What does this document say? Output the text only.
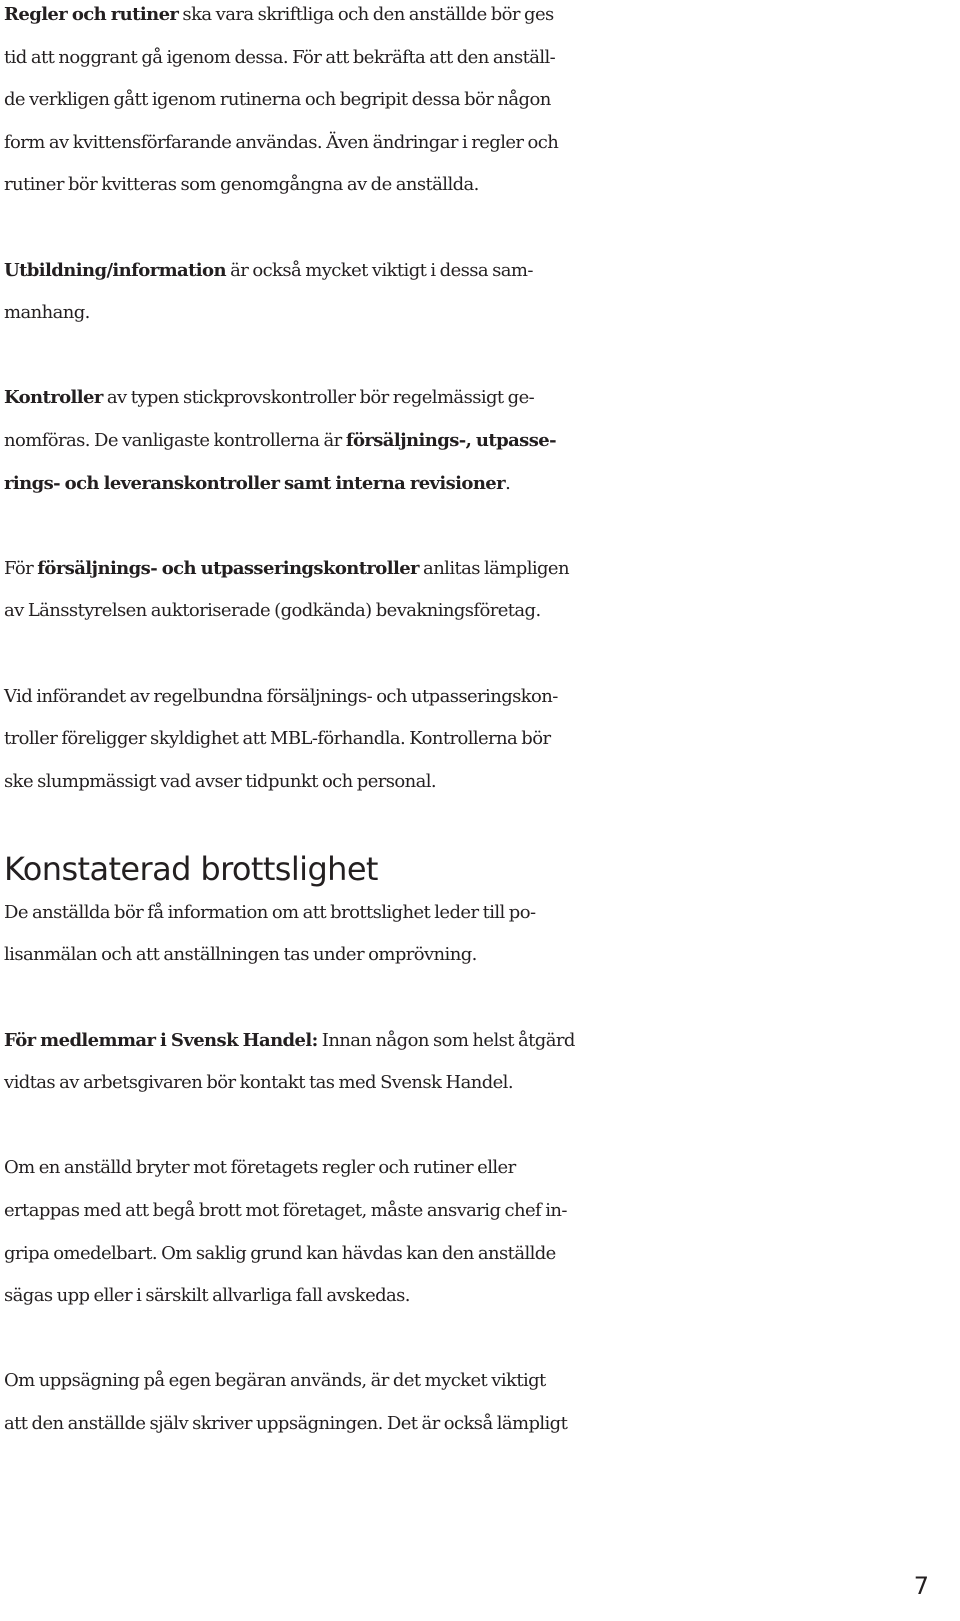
Regler och rutiner ska vara skriftliga och den anställde bör ges
tid att noggrant gå igenom dessa. För att bekräfta att den anställ-
de verkligen gått igenom rutinerna och begripit dessa bör någon
form av kvittensförfarande användas. Även ändringar i regler och
rutiner bör kvitteras som genomgångna av de anställda.

Utbildning/information är också mycket viktigt i dessa sam-
manhang.

Kontroller av typen stickprovskontroller bör regelmässigt ge-
nomföras. De vanligaste kontrollerna är försäljnings-, utpasse-
rings- och leveranskontroller samt interna revisioner.

För försäljnings- och utpasseringskontroller anlitas lämpligen
av Länsstyrelsen auktoriserade (godkända) bevakningsföretag.

Vid införandet av regelbundna försäljnings- och utpasseringskon-
troller föreligger skyldighet att MBL-förhandla. Kontrollerna bör
ske slumpmässigt vad avser tidpunkt och personal.

Konstaterad brottslighet

De anställda bör få information om att brottslighet leder till po-
lisanmälan och att anställningen tas under omprövning.

För medlemmar i Svensk Handel: Innan någon som helst åtgärd
vidtas av arbetsgivaren bör kontakt tas med Svensk Handel.

Om en anställd bryter mot företagets regler och rutiner eller
ertappas med att begå brott mot företaget, måste ansvarig chef in-
gripa omedelbart. Om saklig grund kan hävdas kan den anställde
sägas upp eller i särskilt allvarliga fall avskedas.

Om uppsägning på egen begäran används, är det mycket viktigt
att den anställde själv skriver uppsägningen. Det är också lämpligt

7
